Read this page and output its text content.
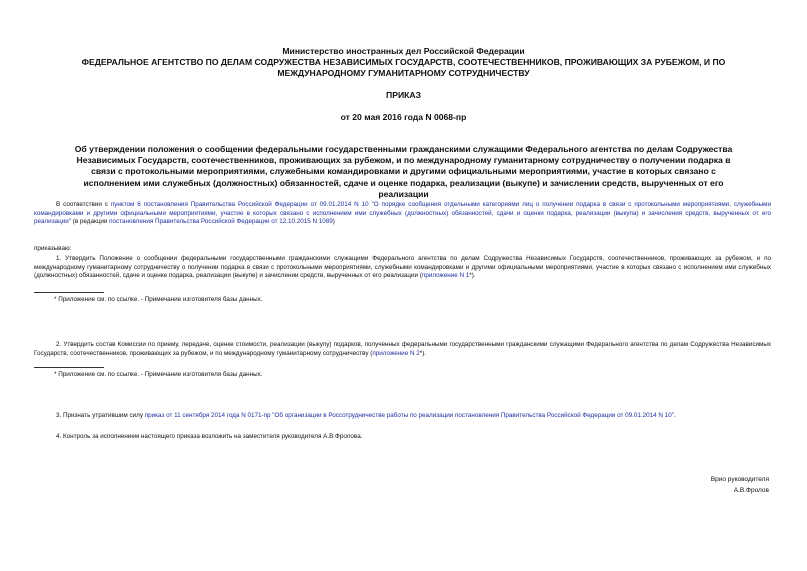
Министерство иностранных дел Российской Федерации
ФЕДЕРАЛЬНОЕ АГЕНТСТВО ПО ДЕЛАМ СОДРУЖЕСТВА НЕЗАВИСИМЫХ ГОСУДАРСТВ, СООТЕЧЕСТВЕННИКОВ, ПРОЖИВАЮЩИХ ЗА РУБЕЖОМ, И ПО МЕЖДУНАРОДНОМУ ГУМАНИТАРНОМУ СОТРУДНИЧЕСТВУ
ПРИКАЗ
от 20 мая 2016 года N 0068-пр
Об утверждении положения о сообщении федеральными государственными гражданскими служащими Федерального агентства по делам Содружества Независимых Государств, соотечественников, проживающих за рубежом, и по международному гуманитарному сотрудничеству о получении подарка в связи с протокольными мероприятиями, служебными командировками и другими официальными мероприятиями, участие в которых связано с исполнением ими служебных (должностных) обязанностей, сдаче и оценке подарка, реализации (выкупе) и зачислении средств, вырученных от его реализации
В соответствии с пунктом 6 постановления Правительства Российской Федерации от 09.01.2014 N 10 "О порядке сообщения отдельными категориями лиц о получении подарка в связи с протокольными мероприятиями, служебными командировками и другими официальными мероприятиями, участие в которых связано с исполнением ими служебных (должностных) обязанностей, сдачи и оценки подарка, реализации (выкупа) и зачисления средств, вырученных от его реализации" (в редакции постановления Правительства Российской Федерации от 12.10.2015 N 1089)
приказываю:
1. Утвердить Положение о сообщении федеральными государственными гражданскими служащими Федерального агентства по делам Содружества Независимых Государств, соотечественников, проживающих за рубежом, и по международному гуманитарному сотрудничеству о получении подарка в связи с протокольными мероприятиями, служебными командировками и другими официальными мероприятиями, участие в которых связано с исполнением ими служебных (должностных) обязанностей, сдаче и оценке подарка, реализации (выкупе) и зачислении средств, вырученных от его реализации (приложение N 1*).
* Приложение см. по ссылке. - Примечание изготовителя базы данных.
2. Утвердить состав Комиссии по приему, передаче, оценке стоимости, реализации (выкупу) подарков, полученных федеральными государственными гражданскими служащими Федерального агентства по делам Содружества Независимых Государств, соотечественников, проживающих за рубежом, и по международному гуманитарному сотрудничеству (приложение N 2*).
* Приложение см. по ссылке. - Примечание изготовителя базы данных.
3. Признать утратившим силу приказ от 11 сентября 2014 года N 0171-пр "Об организации в Россотрудничестве работы по реализации постановления Правительства Российской Федерации от 09.01.2014 N 10".
4. Контроль за исполнением настоящего приказа возложить на заместителя руководителя А.В.Фролова.
Врио руководителя
А.В.Фролов
